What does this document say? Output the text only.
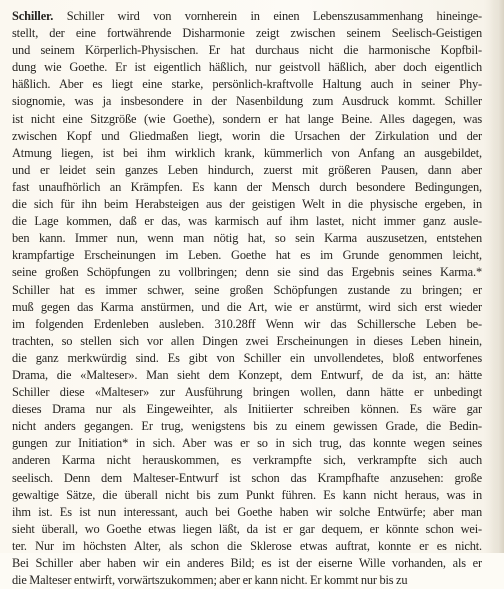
Schiller. Schiller wird von vornherein in einen Lebenszusammenhang hineinge-
stellt, der eine fortwährende Disharmonie zeigt zwischen seinem Seelisch-Geistigen
und seinem Körperlich-Physischen. Er hat durchaus nicht die harmonische Kopfbil-
dung wie Goethe. Er ist eigentlich häßlich, nur geistvoll häßlich, aber doch eigentlich
häßlich. Aber es liegt eine starke, persönlich-kraftvolle Haltung auch in seiner Phy-
siognomie, was ja insbesondere in der Nasenbildung zum Ausdruck kommt. Schiller
ist nicht eine Sitzgröße (wie Goethe), sondern er hat lange Beine. Alles dagegen, was
zwischen Kopf und Gliedmaßen liegt, worin die Ursachen der Zirkulation und der
Atmung liegen, ist bei ihm wirklich krank, kümmerlich von Anfang an ausgebildet,
und er leidet sein ganzes Leben hindurch, zuerst mit größeren Pausen, dann aber
fast unaufhörlich an Krämpfen. Es kann der Mensch durch besondere Bedingungen,
die sich für ihn beim Herabsteigen aus der geistigen Welt in die physische ergeben, in
die Lage kommen, daß er das, was karmisch auf ihm lastet, nicht immer ganz ausle-
ben kann. Immer nun, wenn man nötig hat, so sein Karma auszusetzen, entstehen
krampfartige Erscheinungen im Leben. Goethe hat es im Grunde genommen leicht,
seine großen Schöpfungen zu vollbringen; denn sie sind das Ergebnis seines Karma.*
Schiller hat es immer schwer, seine großen Schöpfungen zustande zu bringen; er
muß gegen das Karma anstürmen, und die Art, wie er anstürmt, wird sich erst wieder
im folgenden Erdenleben ausleben. 310.28ff Wenn wir das Schillersche Leben be-
trachten, so stellen sich vor allen Dingen zwei Erscheinungen in dieses Leben hinein,
die ganz merkwürdig sind. Es gibt von Schiller ein unvollendetes, bloß entworfenes
Drama, die «Malteser». Man sieht dem Konzept, dem Entwurf, de da ist, an: hätte
Schiller diese «Malteser» zur Ausführung bringen wollen, dann hätte er unbedingt
dieses Drama nur als Eingeweihter, als Initiierter schreiben können. Es wäre gar
nicht anders gegangen. Er trug, wenigstens bis zu einem gewissen Grade, die Bedin-
gungen zur Initiation* in sich. Aber was er so in sich trug, das konnte wegen seines
anderen Karma nicht herauskommen, es verkrampfte sich, verkrampfte sich auch
seelisch. Denn dem Malteser-Entwurf ist schon das Krampfhafte anzusehen: große
gewaltige Sätze, die überall nicht bis zum Punkt führen. Es kann nicht heraus, was in
ihm ist. Es ist nun interessant, auch bei Goethe haben wir solche Entwürfe; aber man
sieht überall, wo Goethe etwas liegen läßt, da ist er gar dequem, er könnte schon wei-
ter. Nur im höchsten Alter, als schon die Sklerose etwas auftrat, konnte er es nicht.
Bei Schiller aber haben wir ein anderes Bild; es ist der eiserne Wille vorhanden, als er
die Malteser entwirft, vorwärtszukommen; aber er kann nicht. Er kommt nur bis zu
